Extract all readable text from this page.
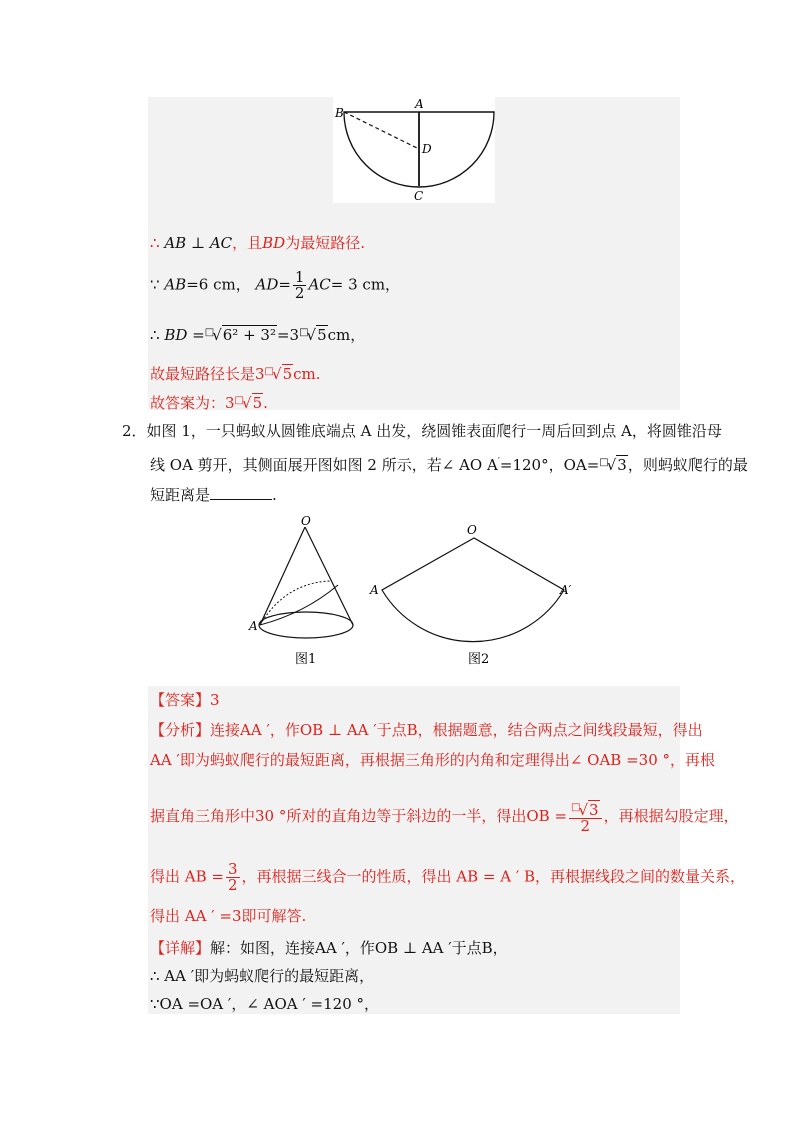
B
A
D
C
∴ AB ⊥ AC，且BD为最短路径.
∵ AB=6 cm， $AD= \frac{1}{2} AC= 3$ cm，
∴ BD =□√6² + 3²=3□√5cm，
故最短路径长是3□√5cm.
故答案为：3□√5.
2．如图 1，一只蚂蚁从圆锥底端点 A 出发，绕圆锥表面爬行一周后回到点 A，将圆锥沿母
线 OA 剪开，其侧面展开图如图 2 所示，若∠ AO A′=120°，OA=□√3，则蚂蚁爬行的最
短距离是	.
O
A
图1
O
A	A′
图2
【答案】3
【分析】连接AA ′，作OB ⊥ AA ′于点B，根据题意，结合两点之间线段最短，得出
AA ′即为蚂蚁爬行的最短距离，再根据三角形的内角和定理得出∠ OAB =30 °，再根
据直角三角形中30 °所对的直角边等于斜边的一半，得出OB = $\frac{^□√3}{2}$ ，再根据勾股定理，
得出 AB = $\frac{3}{2}$ ，再根据三线合一的性质，得出 AB = A ′ B，再根据线段之间的数量关系，
得出 AA ′ =3即可解答.
【详解】解：如图，连接AA ′，作OB ⊥ AA ′于点B，
∴ AA ′即为蚂蚁爬行的最短距离，
∵OA =OA ′，∠ AOA ′ =120 °，
